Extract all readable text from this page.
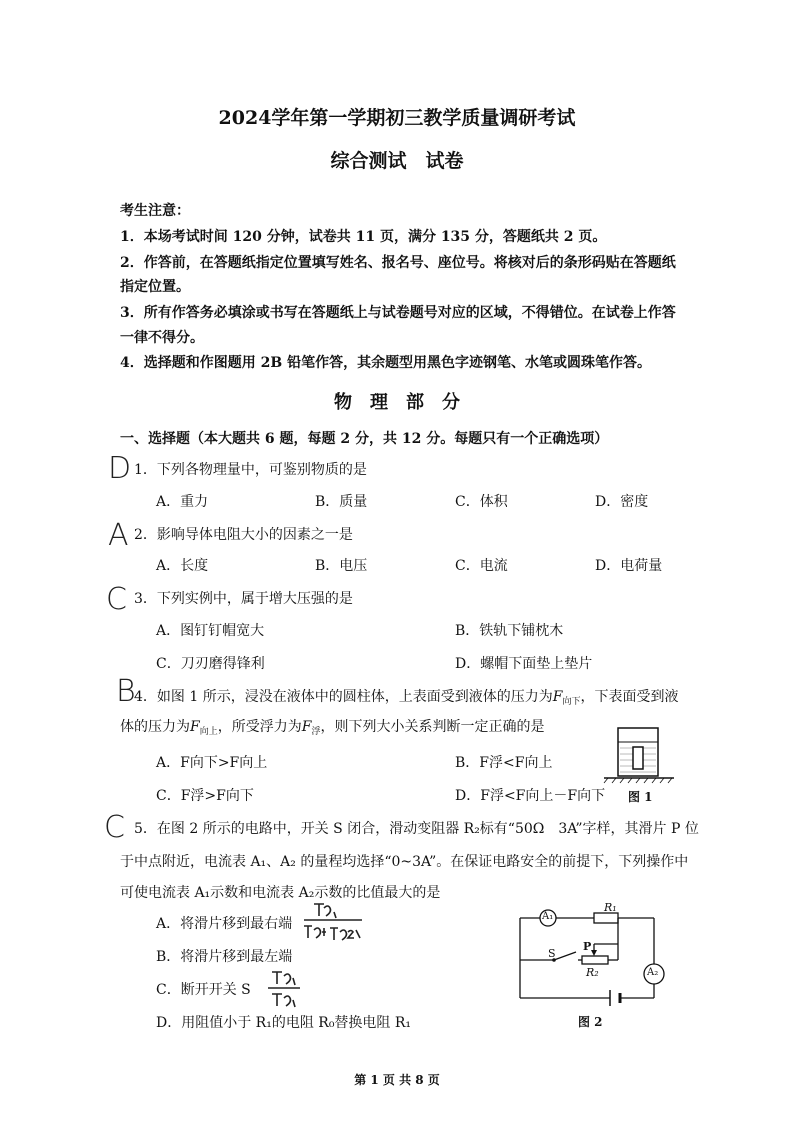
2024学年第一学期初三教学质量调研考试
综合测试　试卷
考生注意：
1．本场考试时间 120 分钟，试卷共 11 页，满分 135 分，答题纸共 2 页。
2．作答前，在答题纸指定位置填写姓名、报名号、座位号。将核对后的条形码贴在答题纸
指定位置。
3．所有作答务必填涂或书写在答题纸上与试卷题号对应的区域，不得错位。在试卷上作答
一律不得分。
4．选择题和作图题用 2B 铅笔作答，其余题型用黑色字迹钢笔、水笔或圆珠笔作答。
物　理　部　分
一、选择题（本大题共 6 题，每题 2 分，共 12 分。每题只有一个正确选项）
D 1．下列各物理量中，可鉴别物质的是
A．重力	B．质量	C．体积	D．密度
A 2．影响导体电阻大小的因素之一是
A．长度	B．电压	C．电流	D．电荷量
C 3．下列实例中，属于增大压强的是
A．图钉钉帽宽大	B．铁轨下铺枕木
C．刀刃磨得锋利	D．螺帽下面垫上垫片
B
4．如图 1 所示，浸没在液体中的圆柱体，上表面受到液体的压力为$F_{向下}$，下表面受到液
体的压力为$F_{向上}$，所受浮力为$F_浮$，则下列大小关系判断一定正确的是
A．F向下>F向上	B．F浮<F向上
C．F浮>F向下	D．F浮<F向上－F向下 图 1
C 5．在图 2 所示的电路中，开关 S 闭合，滑动变阻器 R₂标有“50Ω　3A”字样，其滑片 P 位
于中点附近，电流表 A₁、A₂ 的量程均选择“0~3A”。在保证电路安全的前提下，下列操作中
可使电流表 A₁示数和电流表 A₂示数的比值最大的是
A．将滑片移到最右端
B．将滑片移到最左端
C．断开开关 S
D．用阻值小于 R₁的电阻 R₀替换电阻 R₁
A₁
R₁
S
P
R₂	A₂
图 2
第 1 页 共 8 页
